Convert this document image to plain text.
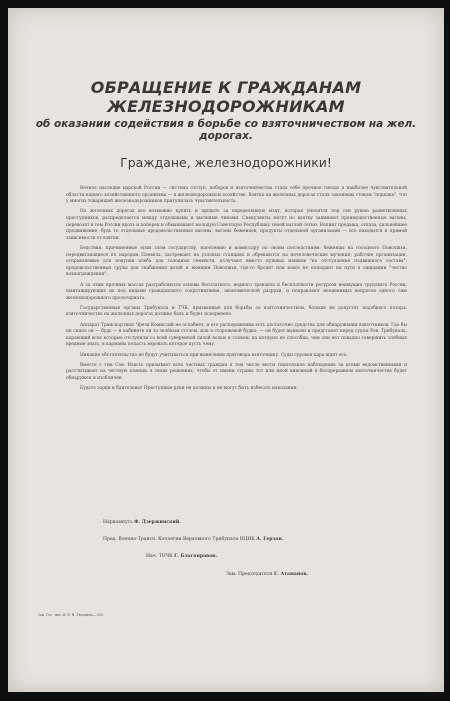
ОБРАЩЕНИЕ К ГРАЖДАНАМ ЖЕЛЕЗНОДОРОЖНИКАМ
об оказании содействия в борьбе со взяточничеством на жел. дорогах.
Граждане, железнодорожники!

Вечное наследие царской России — система отступ, поборов и взяточничества стала себе прочное гнездо в наиболее чувствительной области нашего хозяйственного организма — в железнодорожном хозяйстве. Взятка на железных дорогах стала законным стоком "порядка", что у многих товарищей железнодорожников притупилась чувствительность.

На железных дорогах все возможно купить и продать за определенную мзду, которая уносится под сен рукою разветвленных преступников, распределяется между отдельными и высшими чинами. Спекулянты могут по взятку занимают преимущественные вагоны, перевозят в тем России вдоль и поперек и обманывают молодую Советскую Республику своей наглой сетью. Вопиит продажа, отказа, дальнейшее продвижение, будь то отдельные продовольственные вагоны, вагоны беженцев, продукты отдельной организации — все находится в прямой зависимости от взятки.

Бедствия, причиненные этим злом государству, населению и комиссару по своим последствиям: беженцы на голодного Поволжья, передвигающиеся по народам Плевела, застревают на узловых станциях и обрекаются на нечеловеческие мучения; рабочие организации, отправляемые для покупки хлеба для голодных семейств, получают вместо нужных мешков "на отступление подвижного состава"; продовольственные грузы для снабжения детей и женщин Поволжья, где-то бродят или вовсе не попадают на пути в ожидании "честно вознаграждения".

А за этим прочных массах разграбляются основы бесплатного, водного транзита и бесплатности ресурсов неимущих трудового России, шантажирующих их под видами гражданского сопротивления, экономической разрухи, и поправляют неоценимых вопросов одного сию железнодорожного пролетариата.

Государственные органы Трибунала и ТЧК, призванные для борьбы со взяточничеством, больше не допустят подобного позора: взяточничество на железных дорогах должно быть и будет искоренено.

Аппарат Транспортных Чрезв Комиссий не ослабнет, и его распоряжения есть достаточно средства для обнаружения взяточников. Где бы ни сидел он — будь — в кабинете ли за зелёным столом, или в сторожевой будке, — он будет выявлен и предстанет перед судом Рев. Трибунала, карающий всех которые отступили со всей суверенной силой волью и словом, на которых не способна, чем они нет повадно совершить злобные вредные знать, в карманы попасть воровать которое пусть чему.

Никакие обстоятельства не будут учитываться при вынесении приговора взяточнику. Суды суровая кара ждет его.

Вместе с тем Сов. Власть призывает всех честных граждан в том числе вести тщательное наблюдение за всеми ведомственными и рассчитывает на честную помощь в своих решениях, чтобы от имени страны тот или иной виновный в беспрерывном взяточничестве будет обнаружен и изобличен.

Будьте зорки и бдительны! Преступные руки не должны и не могут быть избегать наказания.

Наркомпуть Ф. Дзержинский.
Пред. Военно-Трансп. Коллегии Верховного Трибунала ВЦИК А. Герзон.
Нач. ТОЧК Г. Благонравов.
Зам. Председателя Г. Атаманов.
Зак. Гос. тип. Ф. Е. В. Гвоздина.—100
